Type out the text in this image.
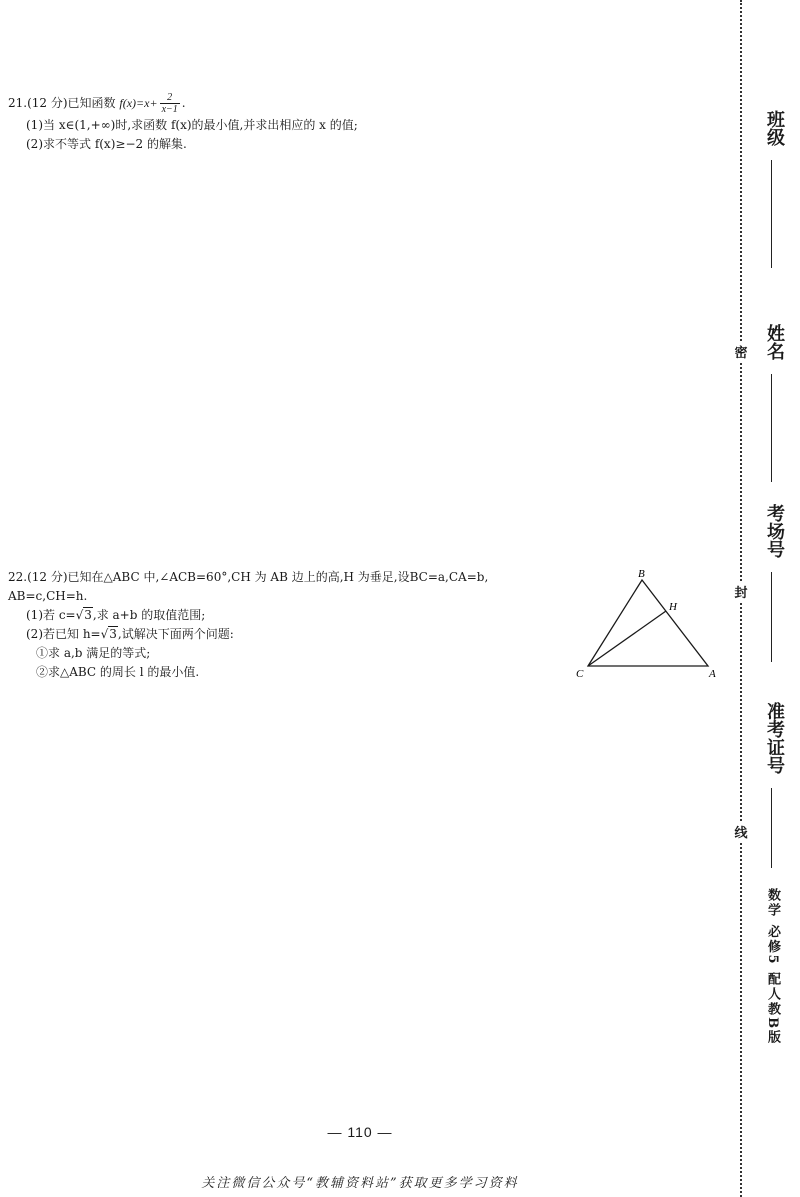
21.(12 分)已知函数 $f(x)=x+ \frac{2}{x-1}$ .
(1)当 x∈(1,+∞)时,求函数 f(x)的最小值,并求出相应的 x 的值;
(2)求不等式 f(x)≥−2 的解集.
22.(12 分)已知在△ABC 中,∠ACB=60°,CH 为 AB 边上的高,H 为垂足,设BC=a,CA=b,
AB=c,CH=h.
(1)若 c=√3,求 a+b 的取值范围;
(2)若已知 h=√3,试解决下面两个问题:
①求 a,b 满足的等式;
②求△ABC 的周长 l 的最小值.
B
H
C	A
— 110 —
关注微信公众号“教辅资料站”获取更多学习资料
密
封
线
班级
姓名
考场号
准考证号
数学 必修5 配人教B版
